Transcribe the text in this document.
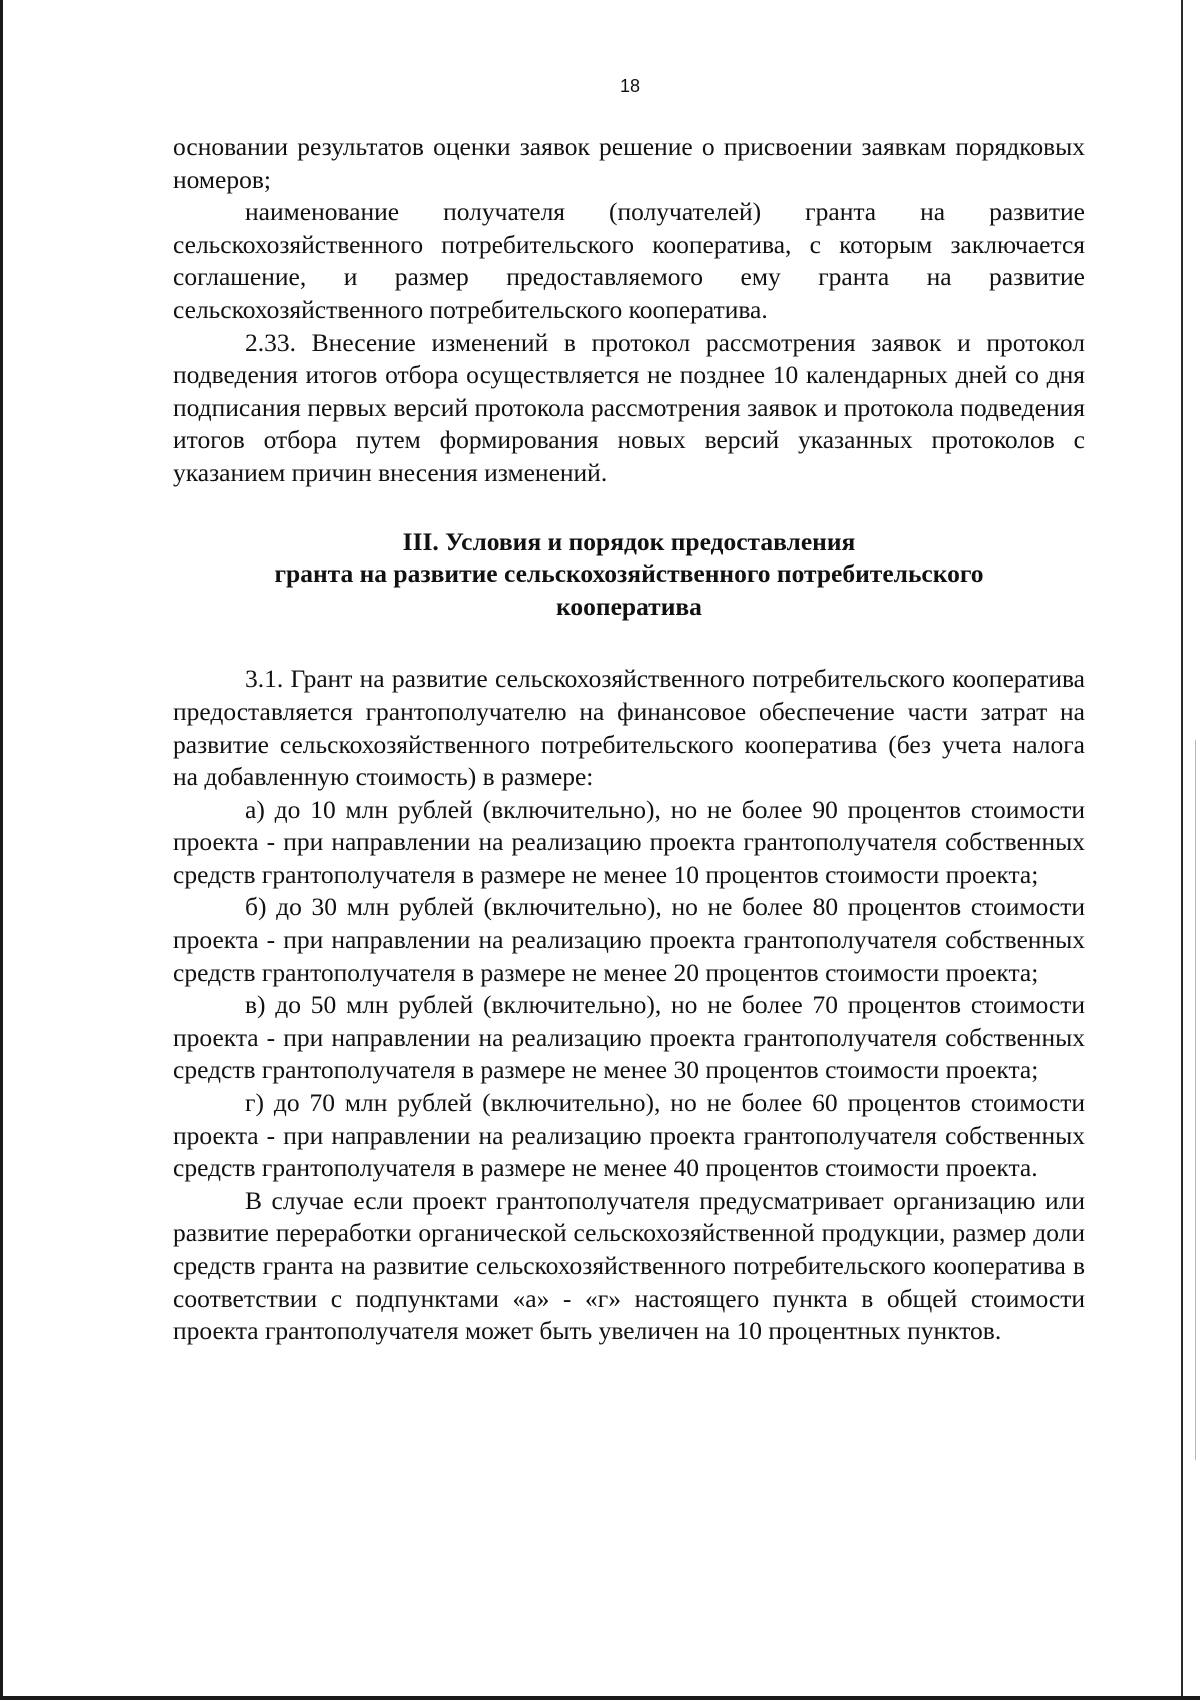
18

основании результатов оценки заявок решение о присвоении заявкам порядковых номеров;

наименование получателя (получателей) гранта на развитие сельскохозяйственного потребительского кооператива, с которым заключается соглашение, и размер предоставляемого ему гранта на развитие сельскохозяйственного потребительского кооператива.

2.33. Внесение изменений в протокол рассмотрения заявок и протокол подведения итогов отбора осуществляется не позднее 10 календарных дней со дня подписания первых версий протокола рассмотрения заявок и протокола подведения итогов отбора путем формирования новых версий указанных протоколов с указанием причин внесения изменений.

III. Условия и порядок предоставления
гранта на развитие сельскохозяйственного потребительского
кооператива

3.1. Грант на развитие сельскохозяйственного потребительского кооператива предоставляется грантополучателю на финансовое обеспечение части затрат на развитие сельскохозяйственного потребительского кооператива (без учета налога на добавленную стоимость) в размере:

а) до 10 млн рублей (включительно), но не более 90 процентов стоимости проекта - при направлении на реализацию проекта грантополучателя собственных средств грантополучателя в размере не менее 10 процентов стоимости проекта;

б) до 30 млн рублей (включительно), но не более 80 процентов стоимости проекта - при направлении на реализацию проекта грантополучателя собственных средств грантополучателя в размере не менее 20 процентов стоимости проекта;

в) до 50 млн рублей (включительно), но не более 70 процентов стоимости проекта - при направлении на реализацию проекта грантополучателя собственных средств грантополучателя в размере не менее 30 процентов стоимости проекта;

г) до 70 млн рублей (включительно), но не более 60 процентов стоимости проекта - при направлении на реализацию проекта грантополучателя собственных средств грантополучателя в размере не менее 40 процентов стоимости проекта.

В случае если проект грантополучателя предусматривает организацию или развитие переработки органической сельскохозяйственной продукции, размер доли средств гранта на развитие сельскохозяйственного потребительского кооператива в соответствии с подпунктами «а» - «г» настоящего пункта в общей стоимости проекта грантополучателя может быть увеличен на 10 процентных пунктов.
